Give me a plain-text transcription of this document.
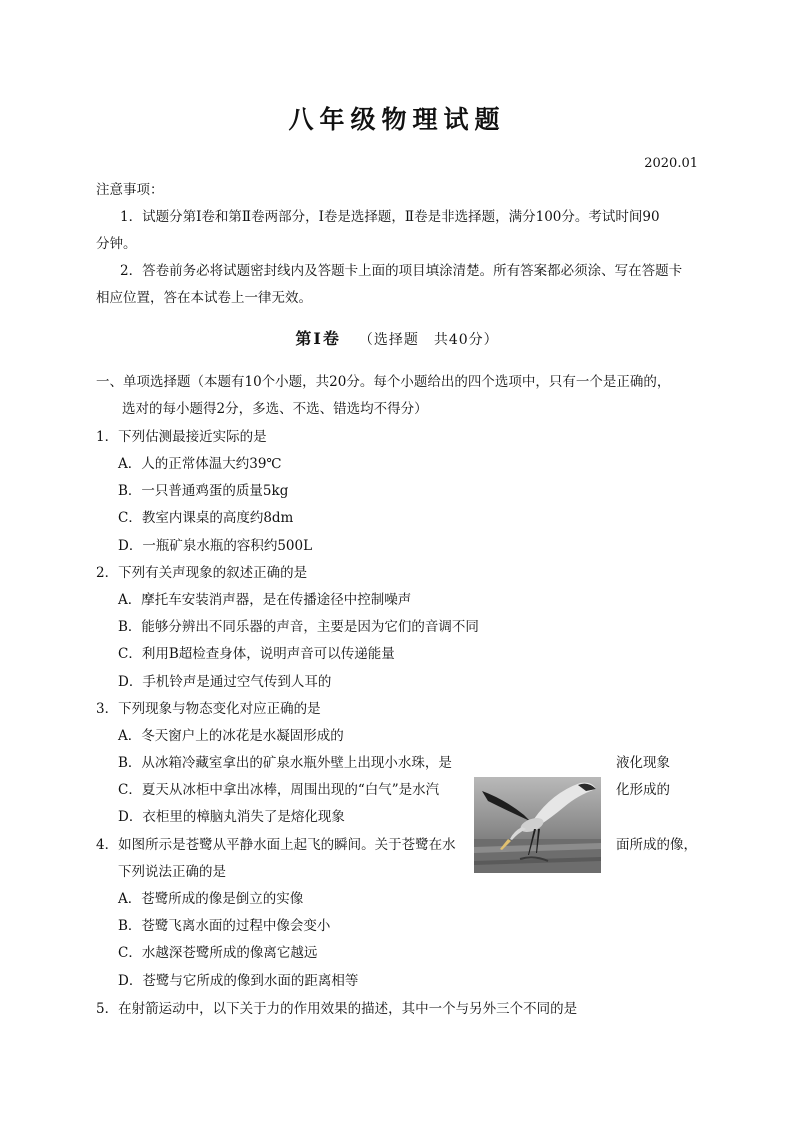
八年级物理试题
2020.01
注意事项：
1．试题分第Ⅰ卷和第Ⅱ卷两部分，Ⅰ卷是选择题，Ⅱ卷是非选择题，满分100分。考试时间90
分钟。
2．答卷前务必将试题密封线内及答题卡上面的项目填涂清楚。所有答案都必须涂、写在答题卡
相应位置，答在本试卷上一律无效。
第Ⅰ卷 （选择题　共40分）
一、单项选择题（本题有10个小题，共20分。每个小题给出的四个选项中，只有一个是正确的，
选对的每小题得2分，多选、不选、错选均不得分）
1．下列估测最接近实际的是
A．人的正常体温大约39℃
B．一只普通鸡蛋的质量5kg
C．教室内课桌的高度约8dm
D．一瓶矿泉水瓶的容积约500L
2．下列有关声现象的叙述正确的是
A．摩托车安装消声器，是在传播途径中控制噪声
B．能够分辨出不同乐器的声音，主要是因为它们的音调不同
C．利用B超检查身体，说明声音可以传递能量
D．手机铃声是通过空气传到人耳的
3．下列现象与物态变化对应正确的是
A．冬天窗户上的冰花是水凝固形成的
B．从冰箱冷藏室拿出的矿泉水瓶外壁上出现小水珠，是	液化现象
C．夏天从冰柜中拿出冰棒，周围出现的“白气”是水汽	化形成的
D．衣柜里的樟脑丸消失了是熔化现象
4．如图所示是苍鹭从平静水面上起飞的瞬间。关于苍鹭在水	面所成的像，
下列说法正确的是
A．苍鹭所成的像是倒立的实像
B．苍鹭飞离水面的过程中像会变小
C．水越深苍鹭所成的像离它越远
D．苍鹭与它所成的像到水面的距离相等
5．在射箭运动中，以下关于力的作用效果的描述，其中一个与另外三个不同的是
